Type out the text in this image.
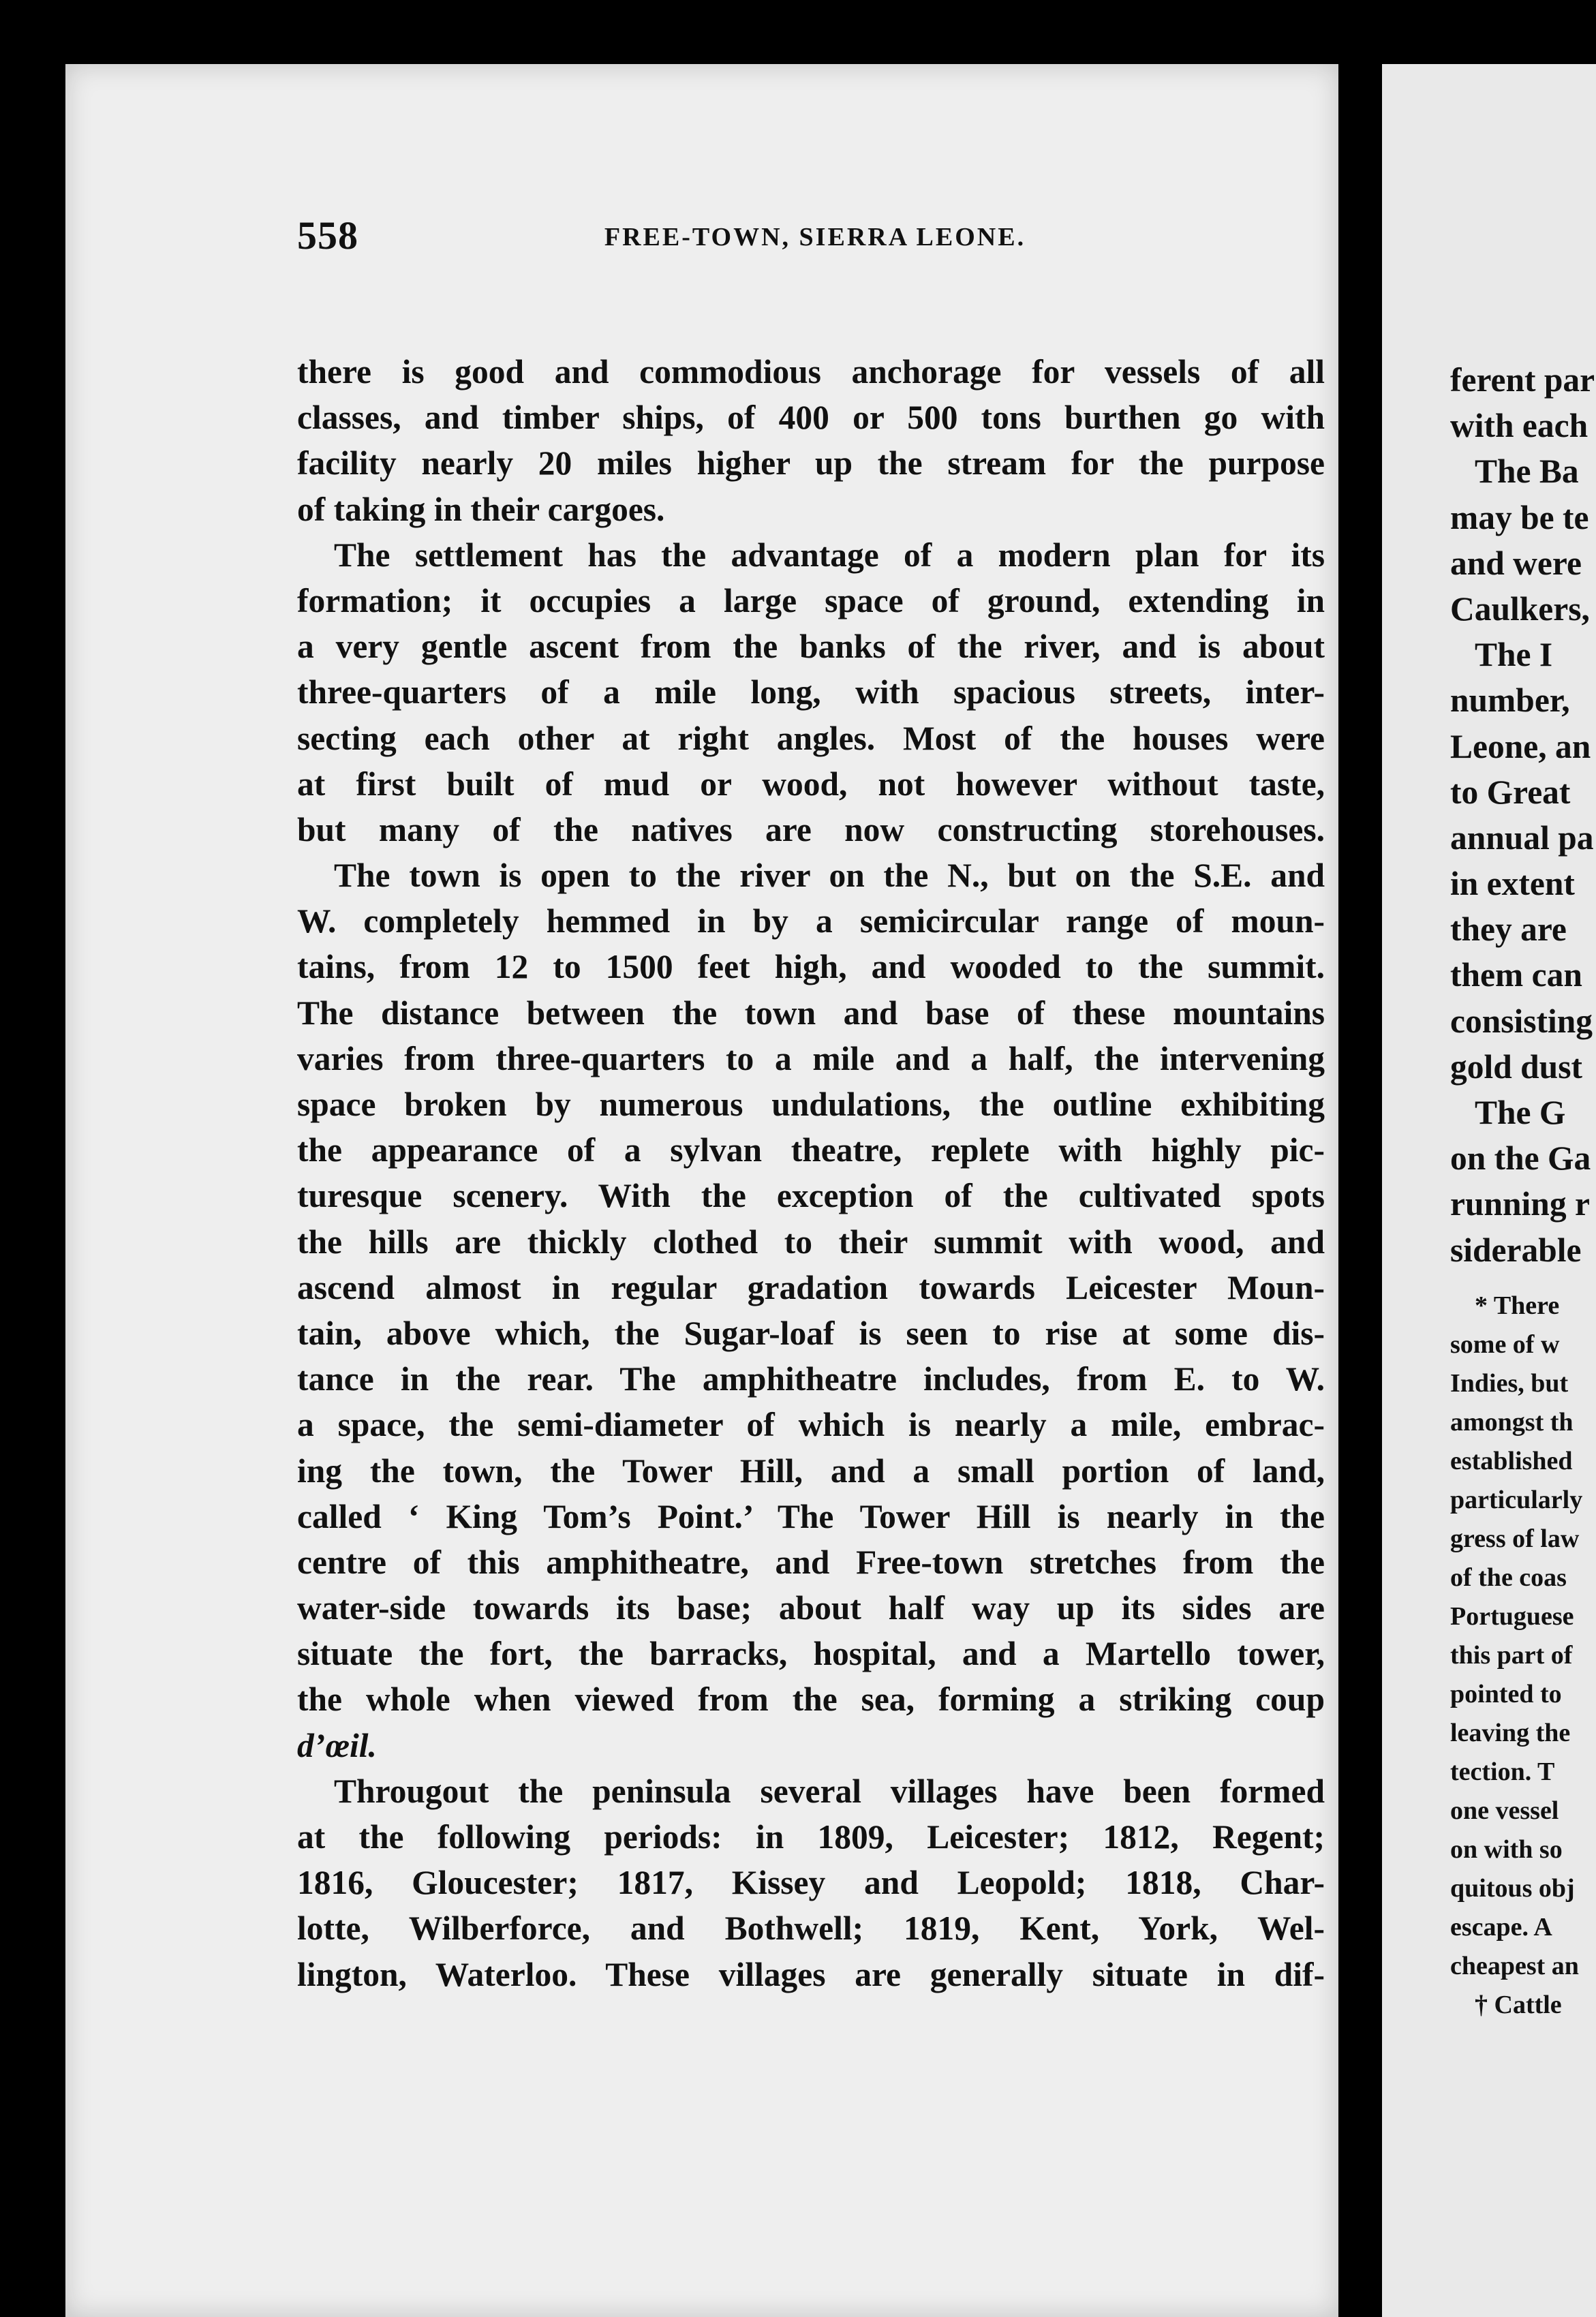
558	FREE-TOWN, SIERRA LEONE.
there is good and commodious anchorage for vessels of all
classes, and timber ships, of 400 or 500 tons burthen go with
facility nearly 20 miles higher up the stream for the purpose
of taking in their cargoes.
The settlement has the advantage of a modern plan for its
formation; it occupies a large space of ground, extending in
a very gentle ascent from the banks of the river, and is about
three-quarters of a mile long, with spacious streets, inter-
secting each other at right angles. Most of the houses were
at first built of mud or wood, not however without taste,
but many of the natives are now constructing storehouses.
The town is open to the river on the N., but on the S.E. and
W. completely hemmed in by a semicircular range of moun-
tains, from 12 to 1500 feet high, and wooded to the summit.
The distance between the town and base of these mountains
varies from three-quarters to a mile and a half, the intervening
space broken by numerous undulations, the outline exhibiting
the appearance of a sylvan theatre, replete with highly pic-
turesque scenery. With the exception of the cultivated spots
the hills are thickly clothed to their summit with wood, and
ascend almost in regular gradation towards Leicester Moun-
tain, above which, the Sugar-loaf is seen to rise at some dis-
tance in the rear. The amphitheatre includes, from E. to W.
a space, the semi-diameter of which is nearly a mile, embrac-
ing the town, the Tower Hill, and a small portion of land,
called ‘ King Tom’s Point.’ The Tower Hill is nearly in the
centre of this amphitheatre, and Free-town stretches from the
water-side towards its base; about half way up its sides are
situate the fort, the barracks, hospital, and a Martello tower,
the whole when viewed from the sea, forming a striking coup
d’œil.
Througout the peninsula several villages have been formed
at the following periods: in 1809, Leicester; 1812, Regent;
1816, Gloucester; 1817, Kissey and Leopold; 1818, Char-
lotte, Wilberforce, and Bothwell; 1819, Kent, York, Wel-
lington, Waterloo. These villages are generally situate in dif-
ferent par
with each
The Ba
may be te
and were
Caulkers,
The I
number,
Leone, an
to Great
annual pa
in extent
they are
them can
consisting
gold dust
The G
on the Ga
running r
siderable
* There
some of w
Indies, but
amongst th
established
particularly
gress of law
of the coas
Portuguese
this part of
pointed to
leaving the
tection. T
one vessel
on with so
quitous obj
escape. A
cheapest an
† Cattle
